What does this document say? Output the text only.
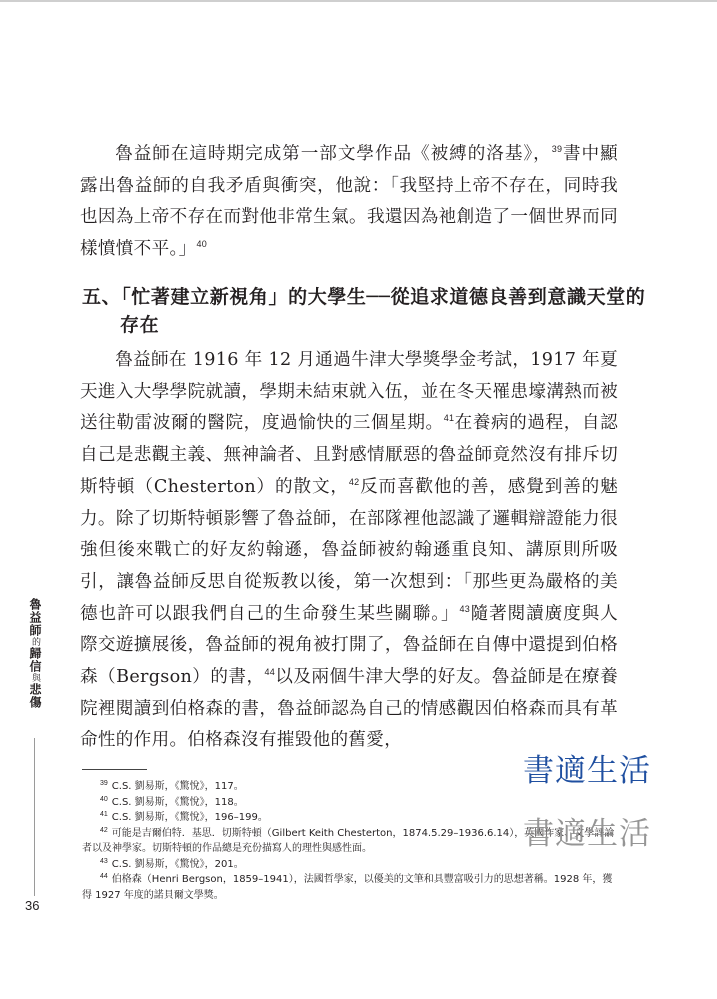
魯益師在這時期完成第一部文學作品《被縛的洛基》，$^{39}$書中顯露出魯益師的自我矛盾與衝突，他說：「我堅持上帝不存在，同時我也因為上帝不存在而對他非常生氣。我還因為祂創造了一個世界而同樣憤憤不平。」$^{40}$

五、「忙著建立新視角」的大學生──從追求道德良善到意識天堂的存在

魯益師在 1916 年 12 月通過牛津大學獎學金考試，1917 年夏天進入大學學院就讀，學期未結束就入伍，並在冬天罹患壕溝熱而被送往勒雷波爾的醫院，度過愉快的三個星期。$^{41}$在養病的過程，自認自己是悲觀主義、無神論者、且對感情厭惡的魯益師竟然沒有排斥切斯特頓（Chesterton）的散文，$^{42}$反而喜歡他的善，感覺到善的魅力。除了切斯特頓影響了魯益師，在部隊裡他認識了邏輯辯證能力很強但後來戰亡的好友約翰遜，魯益師被約翰遜重良知、講原則所吸引，讓魯益師反思自從叛教以後，第一次想到：「那些更為嚴格的美德也許可以跟我們自己的生命發生某些關聯。」$^{43}$隨著閱讀廣度與人際交遊擴展後，魯益師的視角被打開了，魯益師在自傳中還提到伯格森（Bergson）的書，$^{44}$以及兩個牛津大學的好友。魯益師是在療養院裡閱讀到伯格森的書，魯益師認為自己的情感觀因伯格森而具有革命性的作用。伯格森沒有摧毀他的舊愛，

魯益師的歸信與悲傷
36
$^{39}$ C.S. 劉易斯，《驚悅》，117。
$^{40}$ C.S. 劉易斯，《驚悅》，118。
$^{41}$ C.S. 劉易斯，《驚悅》，196–199。
$^{42}$ 可能是吉爾伯特．基思．切斯特頓（Gilbert Keith Chesterton，1874.5.29–1936.6.14），英國作家、文學評論者以及神學家。切斯特頓的作品總是充份描寫人的理性與感性面。
$^{43}$ C.S. 劉易斯，《驚悅》，201。
$^{44}$ 伯格森（Henri Bergson，1859–1941），法國哲學家，以優美的文筆和具豐富吸引力的思想著稱。1928 年，獲得 1927 年度的諾貝爾文學獎。
書適生活
書適生活
